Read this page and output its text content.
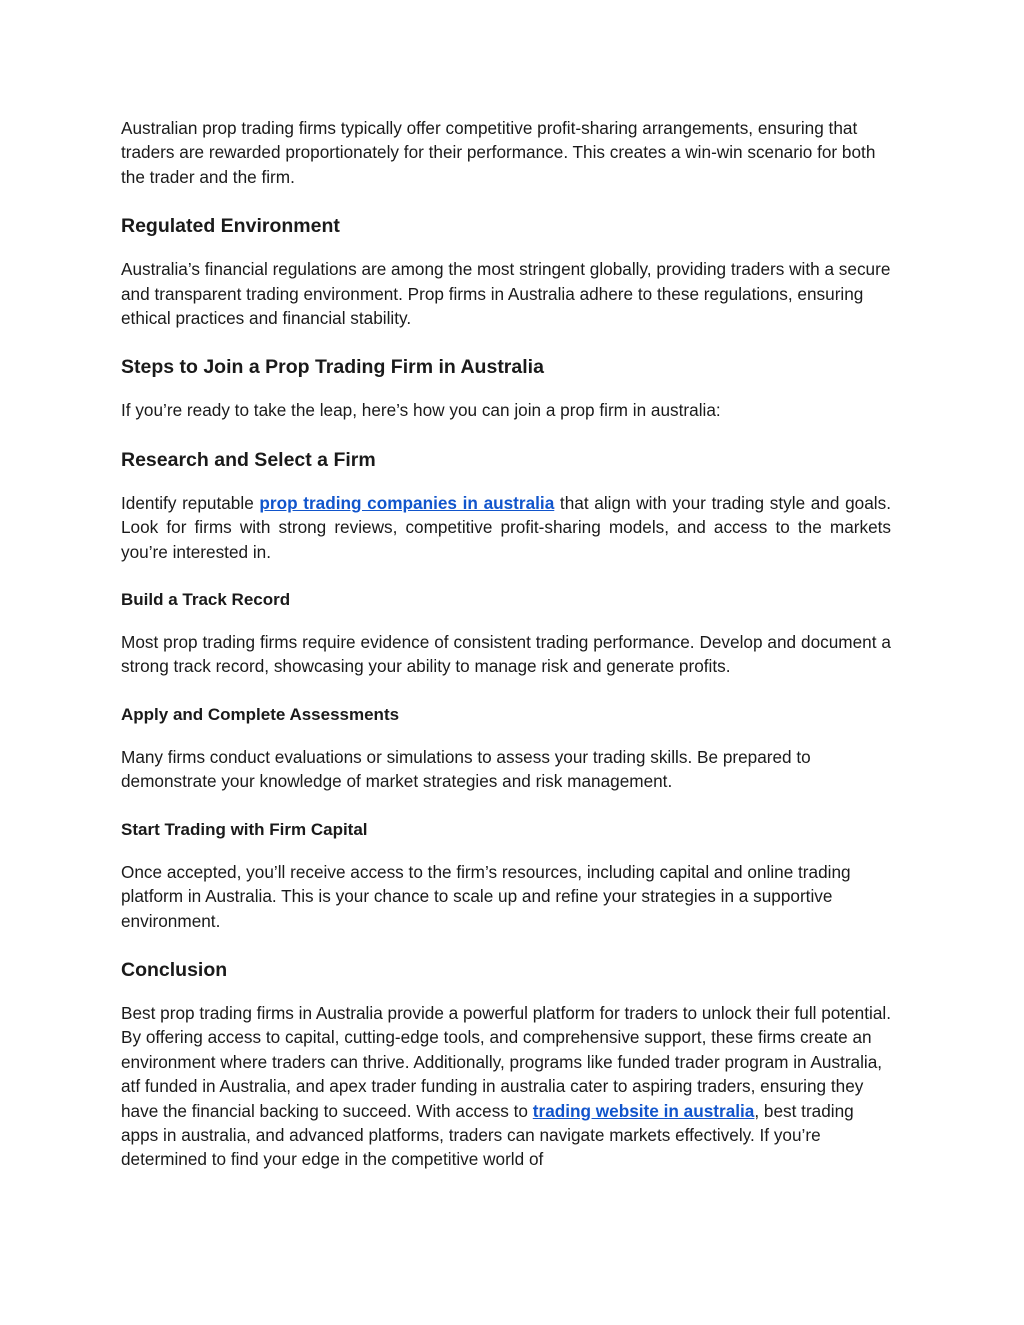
Australian prop trading firms typically offer competitive profit-sharing arrangements, ensuring that traders are rewarded proportionately for their performance. This creates a win-win scenario for both the trader and the firm.

Regulated Environment

Australia’s financial regulations are among the most stringent globally, providing traders with a secure and transparent trading environment. Prop firms in Australia adhere to these regulations, ensuring ethical practices and financial stability.

Steps to Join a Prop Trading Firm in Australia

If you’re ready to take the leap, here’s how you can join a prop firm in australia:

Research and Select a Firm

Identify reputable prop trading companies in australia that align with your trading style and goals. Look for firms with strong reviews, competitive profit-sharing models, and access to the markets you’re interested in.

Build a Track Record

Most prop trading firms require evidence of consistent trading performance. Develop and document a strong track record, showcasing your ability to manage risk and generate profits.

Apply and Complete Assessments

Many firms conduct evaluations or simulations to assess your trading skills. Be prepared to demonstrate your knowledge of market strategies and risk management.

Start Trading with Firm Capital

Once accepted, you’ll receive access to the firm’s resources, including capital and online trading platform in Australia. This is your chance to scale up and refine your strategies in a supportive environment.

Conclusion

Best prop trading firms in Australia provide a powerful platform for traders to unlock their full potential. By offering access to capital, cutting-edge tools, and comprehensive support, these firms create an environment where traders can thrive. Additionally, programs like funded trader program in Australia, atf funded in Australia, and apex trader funding in australia cater to aspiring traders, ensuring they have the financial backing to succeed. With access to trading website in australia, best trading apps in australia, and advanced platforms, traders can navigate markets effectively. If you’re determined to find your edge in the competitive world of
